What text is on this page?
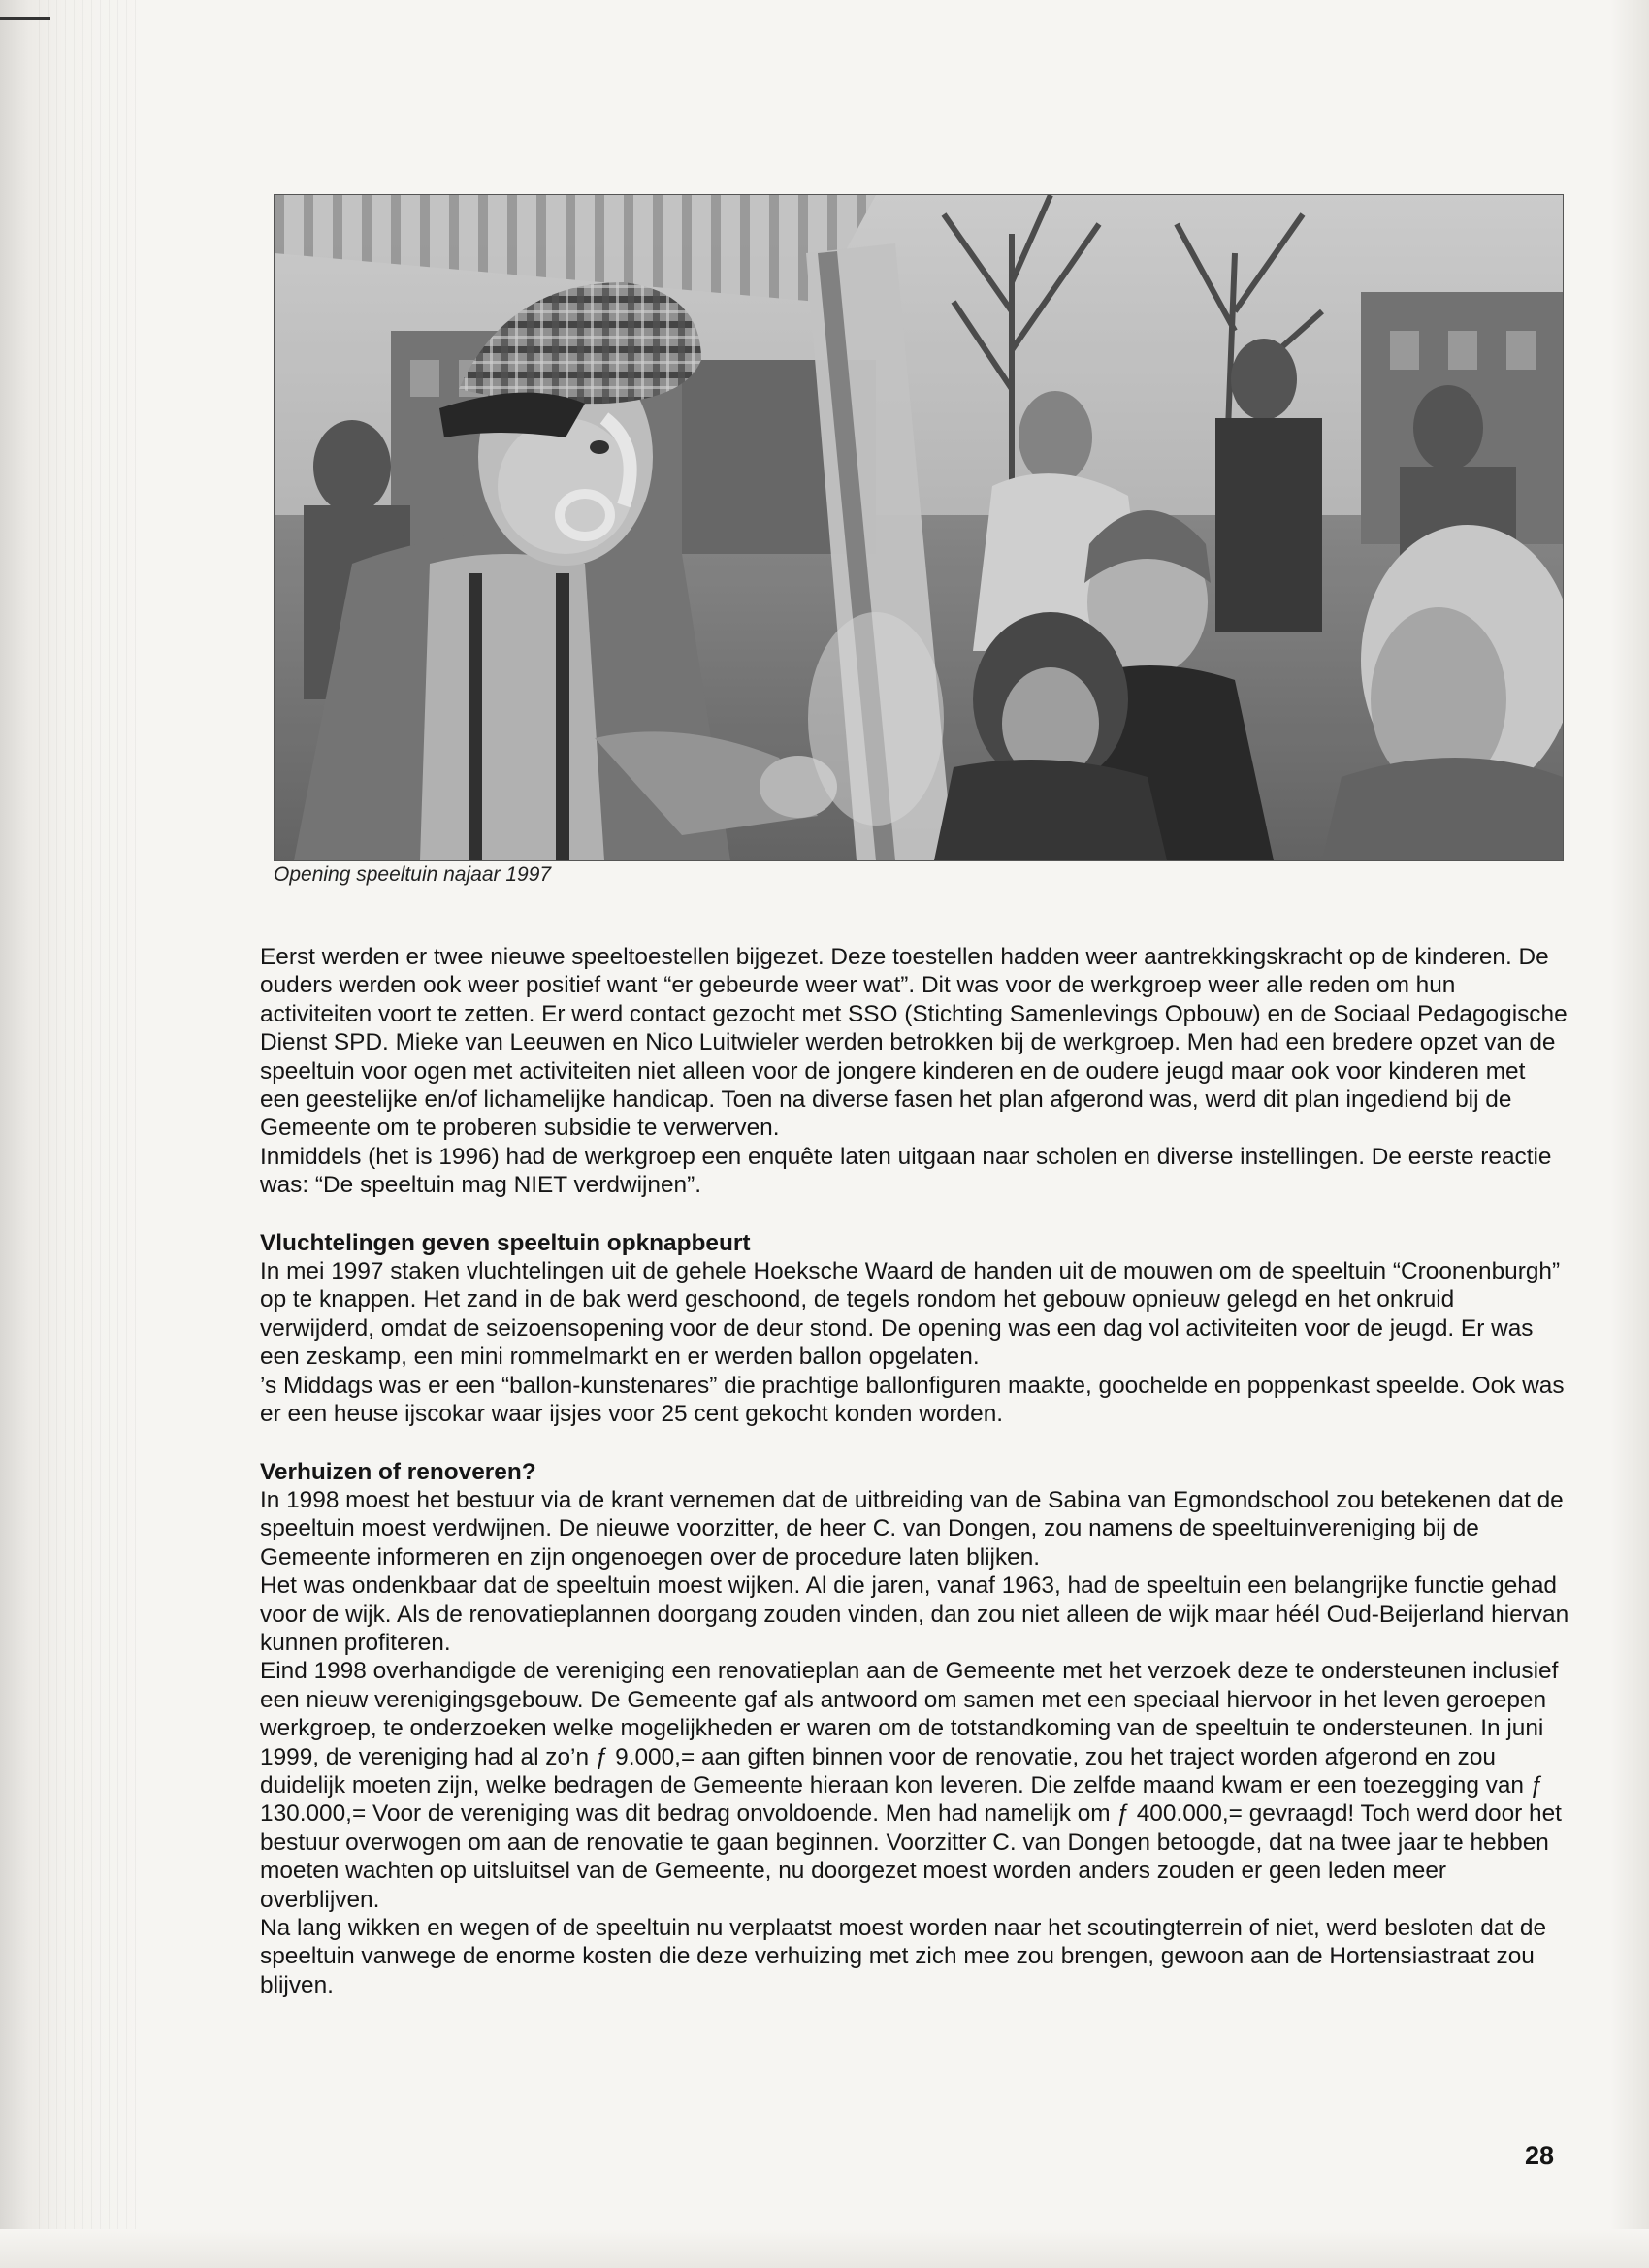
Opening speeltuin najaar 1997

Eerst werden er twee nieuwe speeltoestellen bijgezet. Deze toestellen hadden weer aantrekkingskracht op de kinderen. De ouders werden ook weer positief want “er gebeurde weer wat”. Dit was voor de werkgroep weer alle reden om hun activiteiten voort te zetten. Er werd contact gezocht met SSO (Stichting Samenlevings Opbouw) en de Sociaal Pedagogische Dienst SPD. Mieke van Leeuwen en Nico Luitwieler werden betrokken bij de werkgroep. Men had een bredere opzet van de speeltuin voor ogen met activiteiten niet alleen voor de jongere kinderen en de oudere jeugd maar ook voor kinderen met een geestelijke en/of lichamelijke handicap. Toen na diverse fasen het plan afgerond was, werd dit plan ingediend bij de Gemeente om te proberen subsidie te verwerven.

Inmiddels (het is 1996) had de werkgroep een enquête laten uitgaan naar scholen en diverse instellingen. De eerste reactie was: “De speeltuin mag NIET verdwijnen”.

Vluchtelingen geven speeltuin opknapbeurt

In mei 1997 staken vluchtelingen uit de gehele Hoeksche Waard de handen uit de mouwen om de speeltuin “Croonenburgh” op te knappen. Het zand in de bak werd geschoond, de tegels rondom het gebouw opnieuw gelegd en het onkruid verwijderd, omdat de seizoensopening voor de deur stond. De opening was een dag vol activiteiten voor de jeugd. Er was een zeskamp, een mini rommelmarkt en er werden ballon opgelaten.

’s Middags was er een “ballon-kunstenares” die prachtige ballonfiguren maakte, goochelde en poppenkast speelde. Ook was er een heuse ijscokar waar ijsjes voor 25 cent gekocht konden worden.

Verhuizen of renoveren?

In 1998 moest het bestuur via de krant vernemen dat de uitbreiding van de Sabina van Egmondschool zou betekenen dat de speeltuin moest verdwijnen. De nieuwe voorzitter, de heer C. van Dongen, zou namens de speeltuinvereniging bij de Gemeente informeren en zijn ongenoegen over de procedure laten blijken.

Het was ondenkbaar dat de speeltuin moest wijken. Al die jaren, vanaf 1963, had de speeltuin een belangrijke functie gehad voor de wijk. Als de renovatieplannen doorgang zouden vinden, dan zou niet alleen de wijk maar héél Oud-Beijerland hiervan kunnen profiteren.

Eind 1998 overhandigde de vereniging een renovatieplan aan de Gemeente met het verzoek deze te ondersteunen inclusief een nieuw verenigingsgebouw. De Gemeente gaf als antwoord om samen met een speciaal hiervoor in het leven geroepen werkgroep, te onderzoeken welke mogelijkheden er waren om de totstandkoming van de speeltuin te ondersteunen. In juni 1999, de vereniging had al zo’n ƒ 9.000,= aan giften binnen voor de renovatie, zou het traject worden afgerond en zou duidelijk moeten zijn, welke bedragen de Gemeente hieraan kon leveren. Die zelfde maand kwam er een toezegging van ƒ 130.000,= Voor de vereniging was dit bedrag onvoldoende. Men had namelijk om ƒ 400.000,= gevraagd! Toch werd door het bestuur overwogen om aan de renovatie te gaan beginnen. Voorzitter C. van Dongen betoogde, dat na twee jaar te hebben moeten wachten op uitsluitsel van de Gemeente, nu doorgezet moest worden anders zouden er geen leden meer overblijven.

Na lang wikken en wegen of de speeltuin nu verplaatst moest worden naar het scoutingterrein of niet, werd besloten dat de speeltuin vanwege de enorme kosten die deze verhuizing met zich mee zou brengen, gewoon aan de Hortensiastraat zou blijven.

28
